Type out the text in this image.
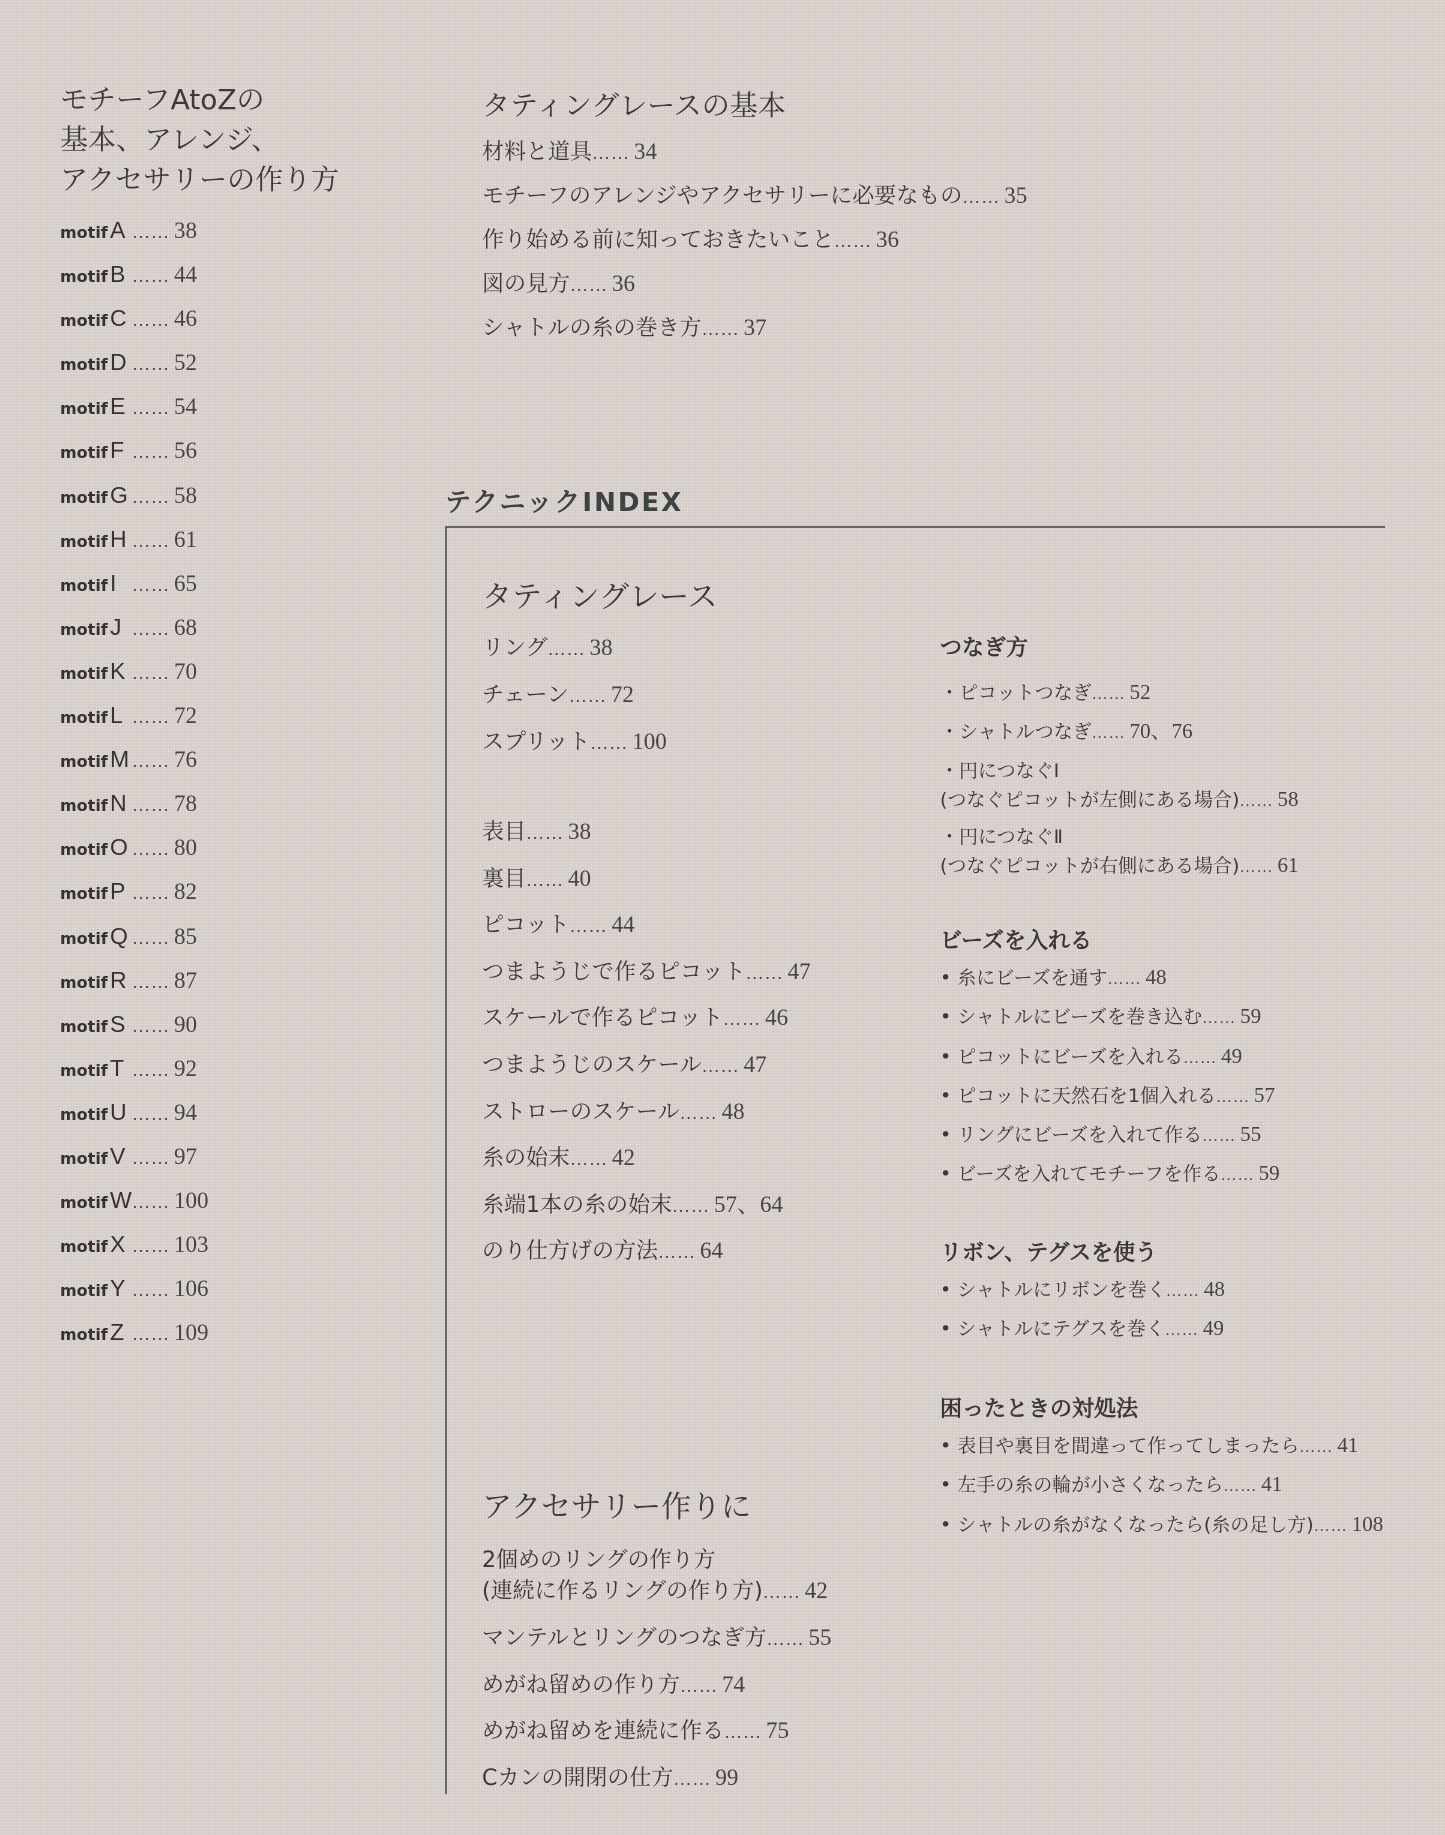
モチーフAtoZの
基本、アレンジ、
アクセサリーの作り方
motifA …… 38
motifB …… 44
motifC …… 46
motifD …… 52
motifE …… 54
motifF …… 56
motifG …… 58
motifH …… 61
motifI …… 65
motifJ …… 68
motifK …… 70
motifL …… 72
motifM …… 76
motifN …… 78
motifO …… 80
motifP …… 82
motifQ …… 85
motifR …… 87
motifS …… 90
motifT …… 92
motifU …… 94
motifV …… 97
motifW…… 100
motifX …… 103
motifY …… 106
motifZ …… 109
タティングレースの基本
材料と道具…… 34
モチーフのアレンジやアクセサリーに必要なもの…… 35
作り始める前に知っておきたいこと…… 36
図の見方…… 36
シャトルの糸の巻き方…… 37
テクニックINDEX
タティングレース
リング…… 38
チェーン…… 72
スプリット…… 100
表目…… 38
裏目…… 40
ピコット…… 44
つまようじで作るピコット…… 47
スケールで作るピコット…… 46
つまようじのスケール…… 47
ストローのスケール…… 48
糸の始末…… 42
糸端1本の糸の始末…… 57、64
のり仕方げの方法…… 64
アクセサリー作りに
2個めのリングの作り方
(連続に作るリングの作り方)…… 42
マンテルとリングのつなぎ方…… 55
めがね留めの作り方…… 74
めがね留めを連続に作る…… 75
Cカンの開閉の仕方…… 99
つなぎ方
・ピコットつなぎ…… 52
・シャトルつなぎ…… 70、76
・円につなぐⅠ
(つなぐピコットが左側にある場合)…… 58
・円につなぐⅡ
(つなぐピコットが右側にある場合)…… 61
ビーズを入れる
• 糸にビーズを通す…… 48
• シャトルにビーズを巻き込む…… 59
• ピコットにビーズを入れる…… 49
• ピコットに天然石を1個入れる…… 57
• リングにビーズを入れて作る…… 55
• ビーズを入れてモチーフを作る…… 59
リボン、テグスを使う
• シャトルにリボンを巻く…… 48
• シャトルにテグスを巻く…… 49
困ったときの対処法
• 表目や裏目を間違って作ってしまったら…… 41
• 左手の糸の輪が小さくなったら…… 41
• シャトルの糸がなくなったら(糸の足し方)…… 108
